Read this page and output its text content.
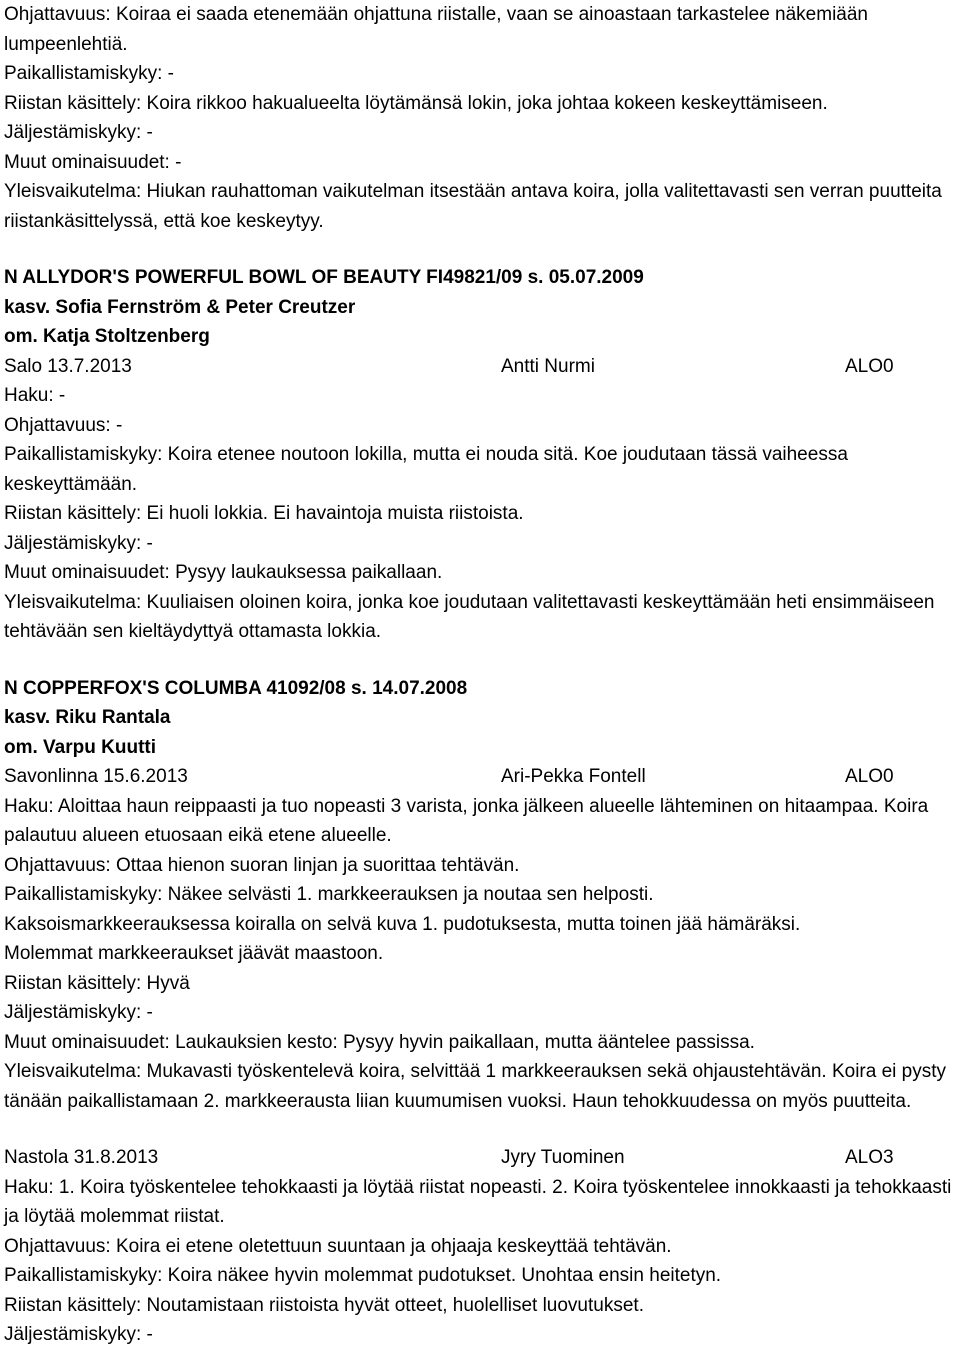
Ohjattavuus: Koiraa ei saada etenemään ohjattuna riistalle, vaan se ainoastaan tarkastelee näkemiään lumpeenlehtiä.
Paikallistamiskyky: -
Riistan käsittely: Koira rikkoo hakualueelta löytämänsä lokin, joka johtaa kokeen keskeyttämiseen.
Jäljestämiskyky: -
Muut ominaisuudet: -
Yleisvaikutelma: Hiukan rauhattoman vaikutelman itsestään antava koira, jolla valitettavasti sen verran puutteita riistankäsittelyssä, että koe keskeytyy.
N ALLYDOR'S POWERFUL BOWL OF BEAUTY FI49821/09 s. 05.07.2009
kasv. Sofia Fernström & Peter Creutzer
om. Katja Stoltzenberg
Salo 13.7.2013	Antti Nurmi	ALO0
Haku: -
Ohjattavuus: -
Paikallistamiskyky: Koira etenee noutoon lokilla, mutta ei nouda sitä. Koe joudutaan tässä vaiheessa keskeyttämään.
Riistan käsittely: Ei huoli lokkia. Ei havaintoja muista riistoista.
Jäljestämiskyky: -
Muut ominaisuudet: Pysyy laukauksessa paikallaan.
Yleisvaikutelma: Kuuliaisen oloinen koira, jonka koe joudutaan valitettavasti keskeyttämään heti ensimmäiseen tehtävään sen kieltäydyttyä ottamasta lokkia.
N COPPERFOX'S COLUMBA 41092/08 s. 14.07.2008
kasv. Riku Rantala
om. Varpu Kuutti
Savonlinna 15.6.2013	Ari-Pekka Fontell	ALO0
Haku: Aloittaa haun reippaasti ja tuo nopeasti 3 varista, jonka jälkeen alueelle lähteminen on hitaampaa. Koira palautuu alueen etuosaan eikä etene alueelle.
Ohjattavuus: Ottaa hienon suoran linjan ja suorittaa tehtävän.
Paikallistamiskyky: Näkee selvästi 1. markkeerauksen ja noutaa sen helposti.
Kaksoismarkkeerauksessa koiralla on selvä kuva 1. pudotuksesta, mutta toinen jää hämäräksi.
Molemmat markkeeraukset jäävät maastoon.
Riistan käsittely: Hyvä
Jäljestämiskyky: -
Muut ominaisuudet: Laukauksien kesto: Pysyy hyvin paikallaan, mutta ääntelee passissa.
Yleisvaikutelma: Mukavasti työskentelevä koira, selvittää 1 markkeerauksen sekä ohjaustehtävän. Koira ei pysty tänään paikallistamaan 2. markkeerausta liian kuumumisen vuoksi. Haun tehokkuudessa on myös puutteita.
Nastola 31.8.2013	Jyry Tuominen	ALO3
Haku: 1. Koira työskentelee tehokkaasti ja löytää riistat nopeasti. 2. Koira työskentelee innokkaasti ja tehokkaasti ja löytää molemmat riistat.
Ohjattavuus: Koira ei etene oletettuun suuntaan ja ohjaaja keskeyttää tehtävän.
Paikallistamiskyky: Koira näkee hyvin molemmat pudotukset. Unohtaa ensin heitetyn.
Riistan käsittely: Noutamistaan riistoista hyvät otteet, huolelliset luovutukset.
Jäljestämiskyky: -
